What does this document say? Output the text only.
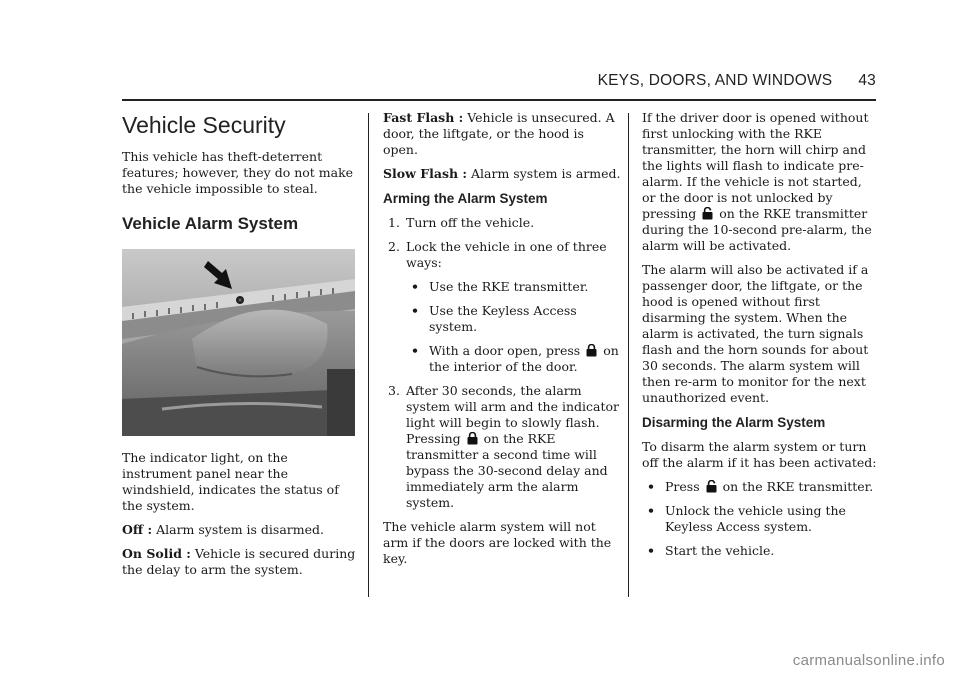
KEYS, DOORS, AND WINDOWS 43
Vehicle Security

This vehicle has theft-deterrent features; however, they do not make the vehicle impossible to steal.

Vehicle Alarm System

The indicator light, on the instrument panel near the windshield, indicates the status of the system.

Off : Alarm system is disarmed.

On Solid : Vehicle is secured during the delay to arm the system.

Fast Flash : Vehicle is unsecured. A door, the liftgate, or the hood is open.

Slow Flash : Alarm system is armed.

Arming the Alarm System
1. Turn off the vehicle.
2. Lock the vehicle in one of three ways:
• Use the RKE transmitter.
• Use the Keyless Access system.
• With a door open, press on the interior of the door.
3. After 30 seconds, the alarm system will arm and the indicator light will begin to slowly flash. Pressing on the RKE transmitter a second time will bypass the 30-second delay and immediately arm the alarm system.

The vehicle alarm system will not arm if the doors are locked with the key.

If the driver door is opened without first unlocking with the RKE transmitter, the horn will chirp and the lights will flash to indicate pre-alarm. If the vehicle is not started, or the door is not unlocked by pressing on the RKE transmitter during the 10-second pre-alarm, the alarm will be activated.

The alarm will also be activated if a passenger door, the liftgate, or the hood is opened without first disarming the system. When the alarm is activated, the turn signals flash and the horn sounds for about 30 seconds. The alarm system will then re-arm to monitor for the next unauthorized event.

Disarming the Alarm System

To disarm the alarm system or turn off the alarm if it has been activated:

• Press on the RKE transmitter.
• Unlock the vehicle using the Keyless Access system.
• Start the vehicle.
carmanualsonline.info
